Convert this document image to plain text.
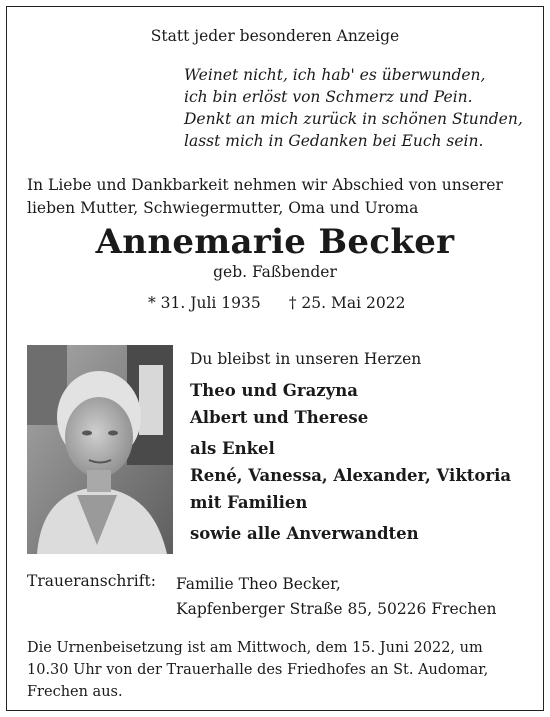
Statt jeder besonderen Anzeige
Weinet nicht, ich hab' es überwunden,
ich bin erlöst von Schmerz und Pein.
Denkt an mich zurück in schönen Stunden,
lasst mich in Gedanken bei Euch sein.
In Liebe und Dankbarkeit nehmen wir Abschied von unserer
lieben Mutter, Schwiegermutter, Oma und Uroma
Annemarie Becker
geb. Faßbender
* 31. Juli 1935 † 25. Mai 2022
Du bleibst in unseren Herzen
Theo und Grazyna
Albert und Therese
als Enkel
René, Vanessa, Alexander, Viktoria
mit Familien
sowie alle Anverwandten
Traueranschrift: Familie Theo Becker,
Kapfenberger Straße 85, 50226 Frechen
Die Urnenbeisetzung ist am Mittwoch, dem 15. Juni 2022, um
10.30 Uhr von der Trauerhalle des Friedhofes an St. Audomar,
Frechen aus.
